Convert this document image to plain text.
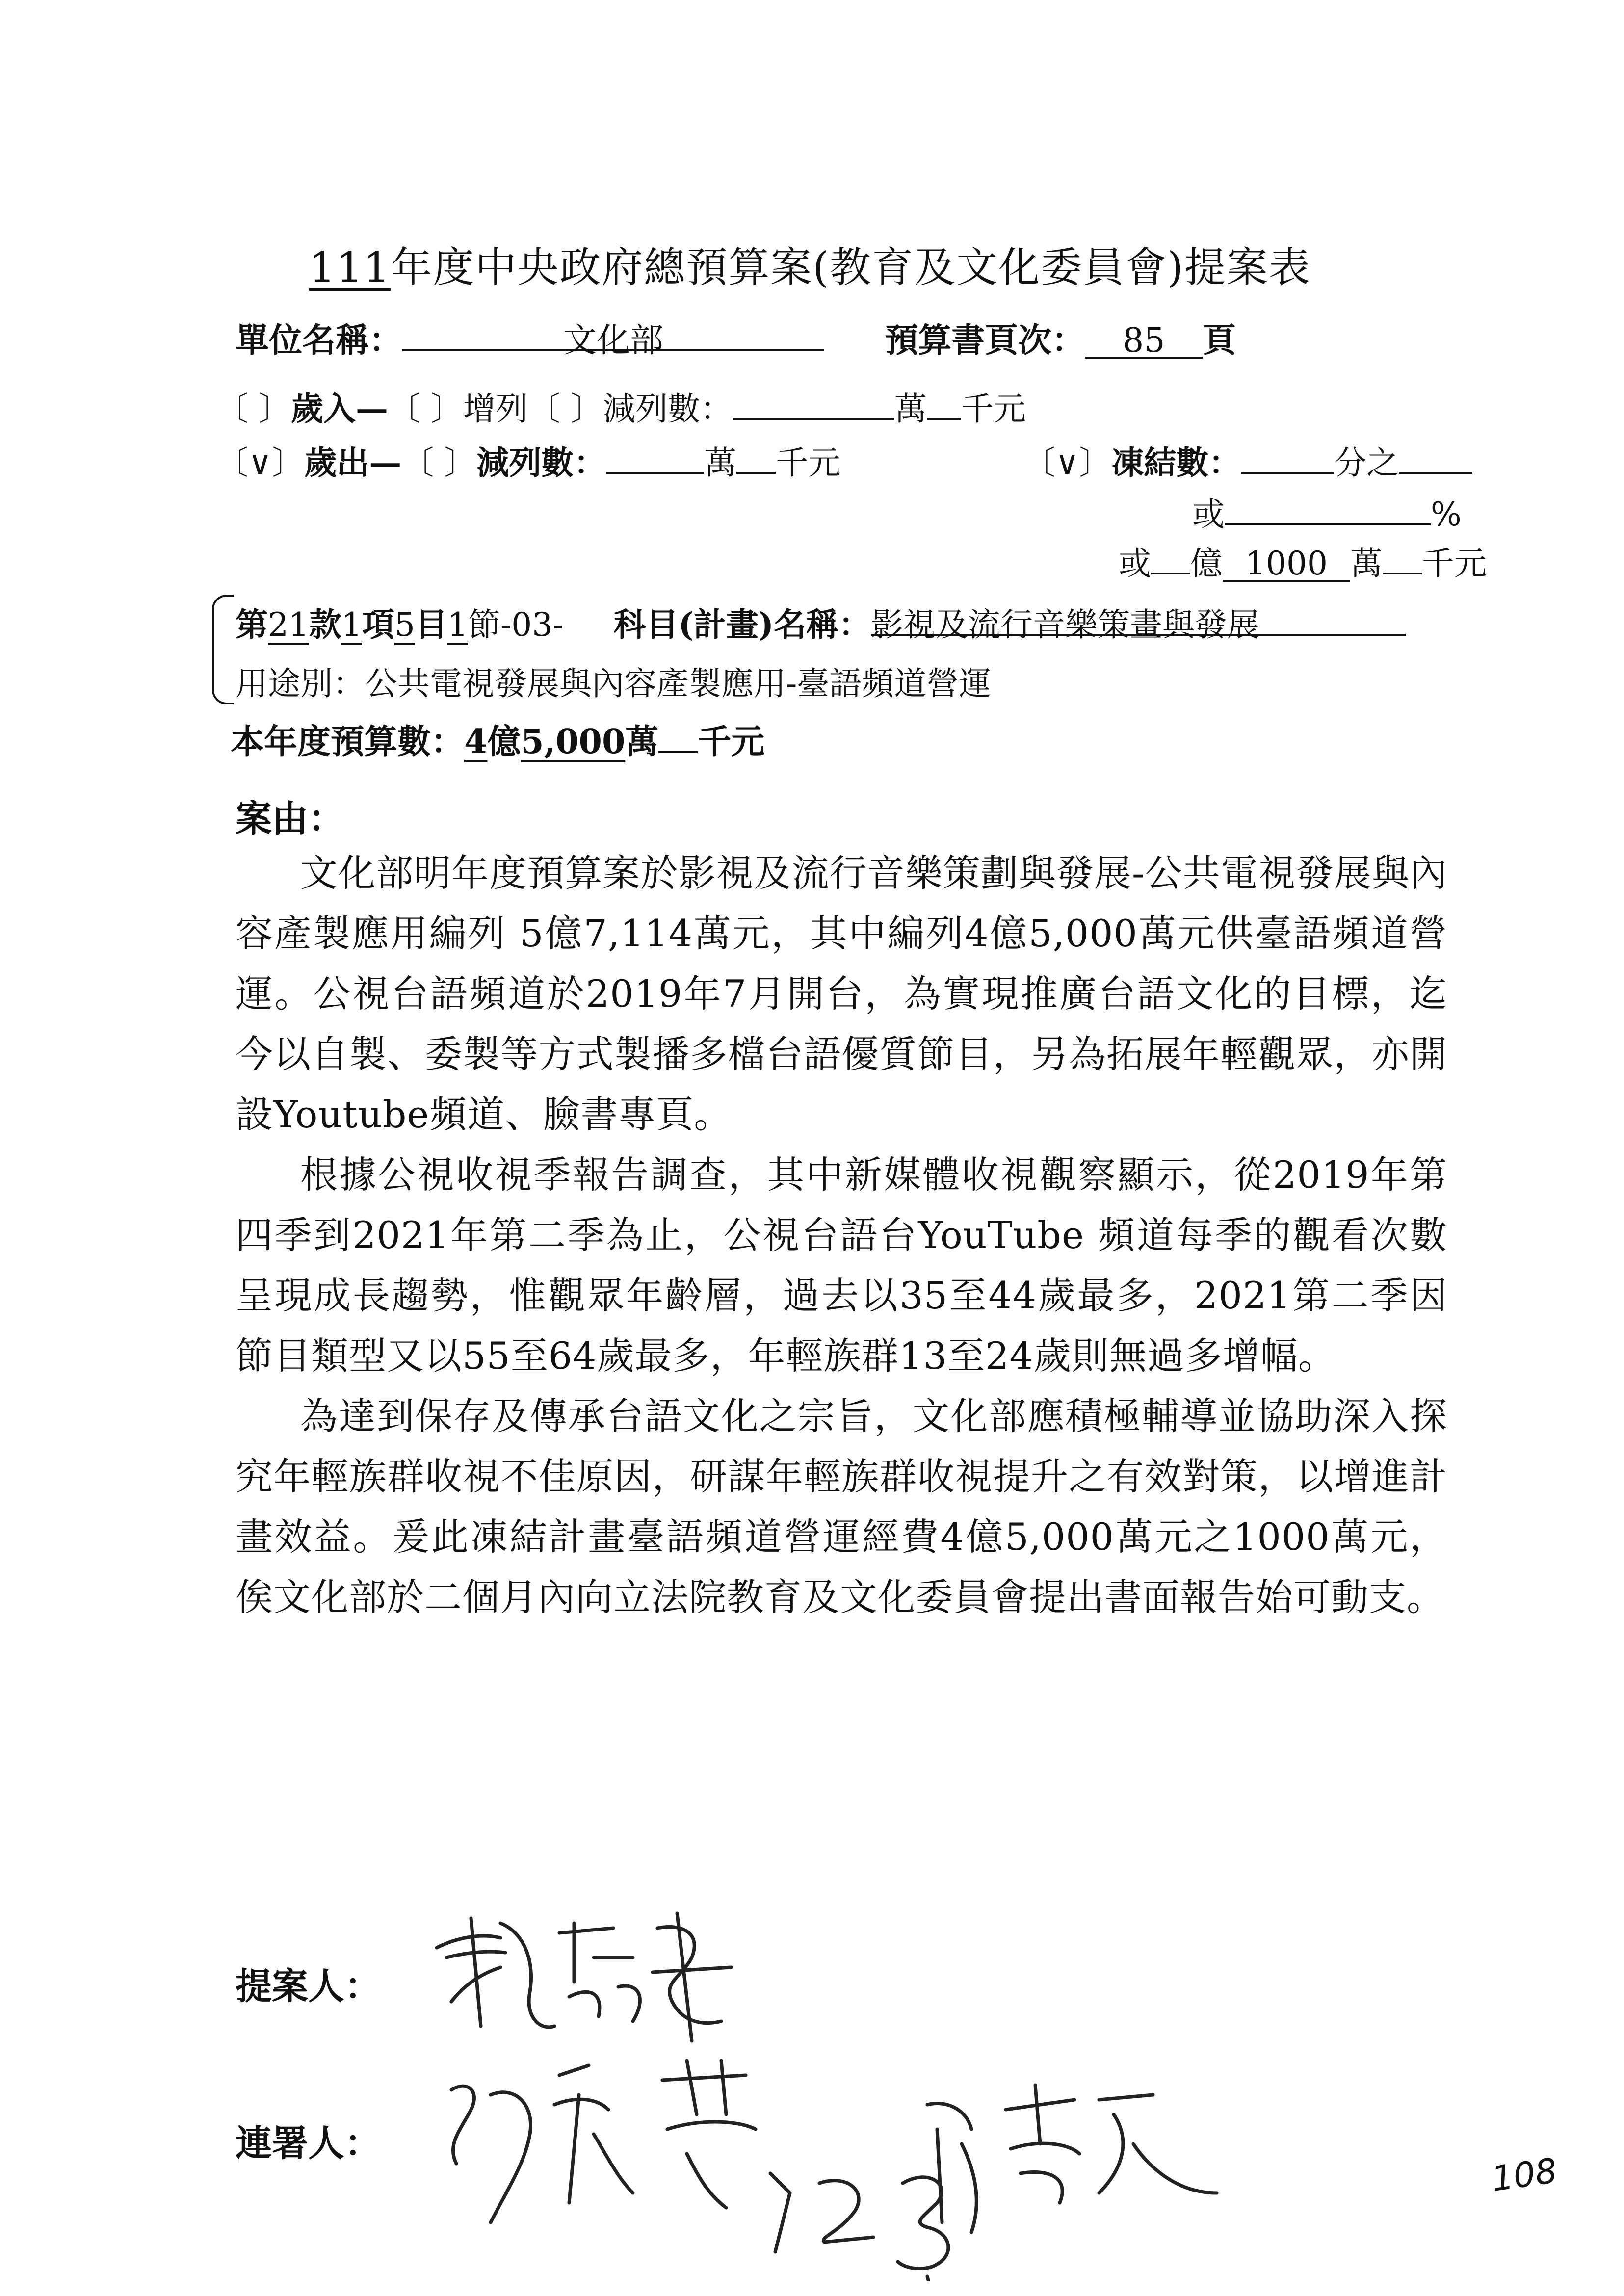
111年度中央政府總預算案(教育及文化委員會)提案表
單位名稱：	文化部	預算書頁次： 85 頁
〔 〕歲入—〔 〕增列〔 〕減列數：	萬 千元
〔∨〕歲出—〔 〕減列數：	萬 千元	〔∨〕凍結數：	分之
或	%
或 億 1000 萬 千元
第21款1項5目1節-03- 科目(計畫)名稱：影視及流行音樂策畫與發展
用途別：公共電視發展與內容產製應用-臺語頻道營運
本年度預算數：4億5,000萬 千元
案由：

文化部明年度預算案於影視及流行音樂策劃與發展-公共電視發展與內容產製應用編列 5億7,114萬元，其中編列4億5,000萬元供臺語頻道營運。公視台語頻道於2019年7月開台，為實現推廣台語文化的目標，迄今以自製、委製等方式製播多檔台語優質節目，另為拓展年輕觀眾，亦開設Youtube頻道、臉書專頁。

根據公視收視季報告調查，其中新媒體收視觀察顯示，從2019年第四季到2021年第二季為止，公視台語台YouTube 頻道每季的觀看次數呈現成長趨勢，惟觀眾年齡層，過去以35至44歲最多，2021第二季因節目類型又以55至64歲最多，年輕族群13至24歲則無過多增幅。

為達到保存及傳承台語文化之宗旨，文化部應積極輔導並協助深入探究年輕族群收視不佳原因，研謀年輕族群收視提升之有效對策，以增進計畫效益。爰此凍結計畫臺語頻道營運經費4億5,000萬元之1000萬元，俟文化部於二個月內向立法院教育及文化委員會提出書面報告始可動支。

提案人：
連署人：
108
